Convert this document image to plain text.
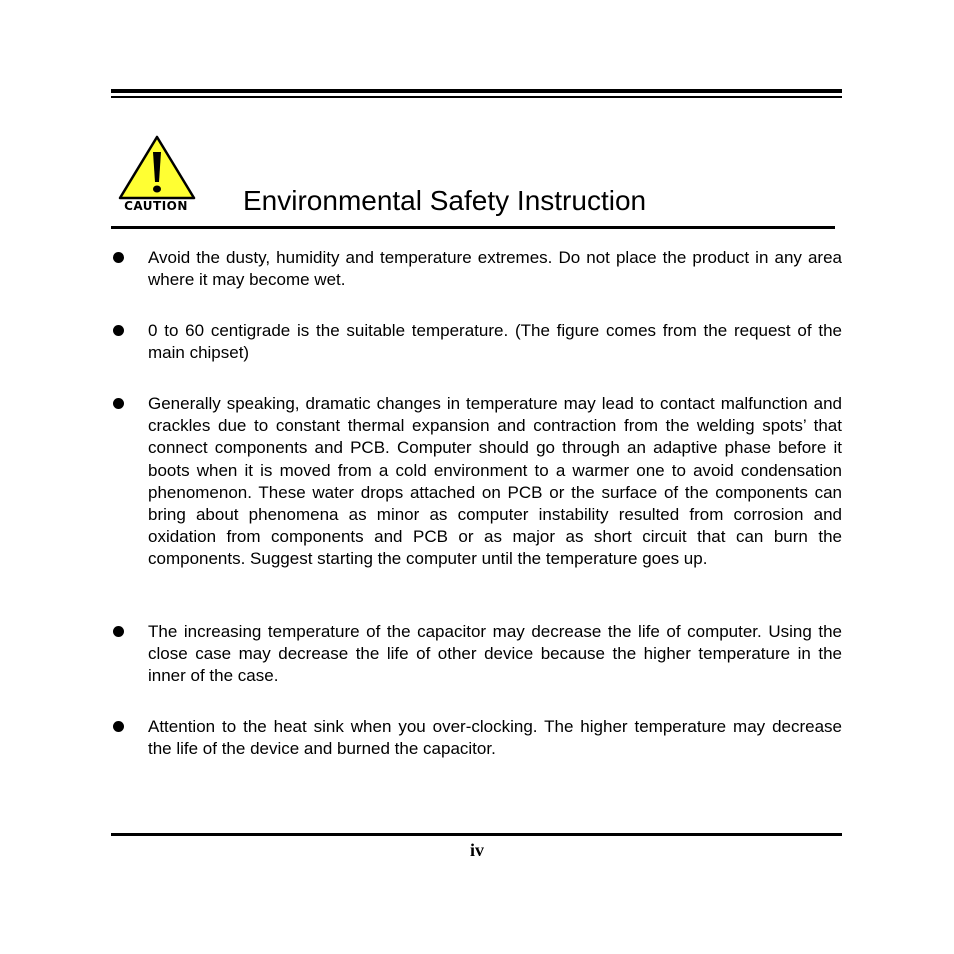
CAUTION Environmental Safety Instruction
Avoid the dusty, humidity and temperature extremes. Do not place the product in any area where it may become wet.
0 to 60 centigrade is the suitable temperature. (The figure comes from the request of the main chipset)
Generally speaking, dramatic changes in temperature may lead to contact malfunction and crackles due to constant thermal expansion and contraction from the welding spots’ that connect components and PCB. Computer should go through an adaptive phase before it boots when it is moved from a cold environment to a warmer one to avoid condensation phenomenon. These water drops attached on PCB or the surface of the components can bring about phenomena as minor as computer instability resulted from corrosion and oxidation from components and PCB or as major as short circuit that can burn the components. Suggest starting the computer until the temperature goes up.
The increasing temperature of the capacitor may decrease the life of computer. Using the close case may decrease the life of other device because the higher temperature in the inner of the case.
Attention to the heat sink when you over-clocking. The higher temperature may decrease the life of the device and burned the capacitor.
iv
